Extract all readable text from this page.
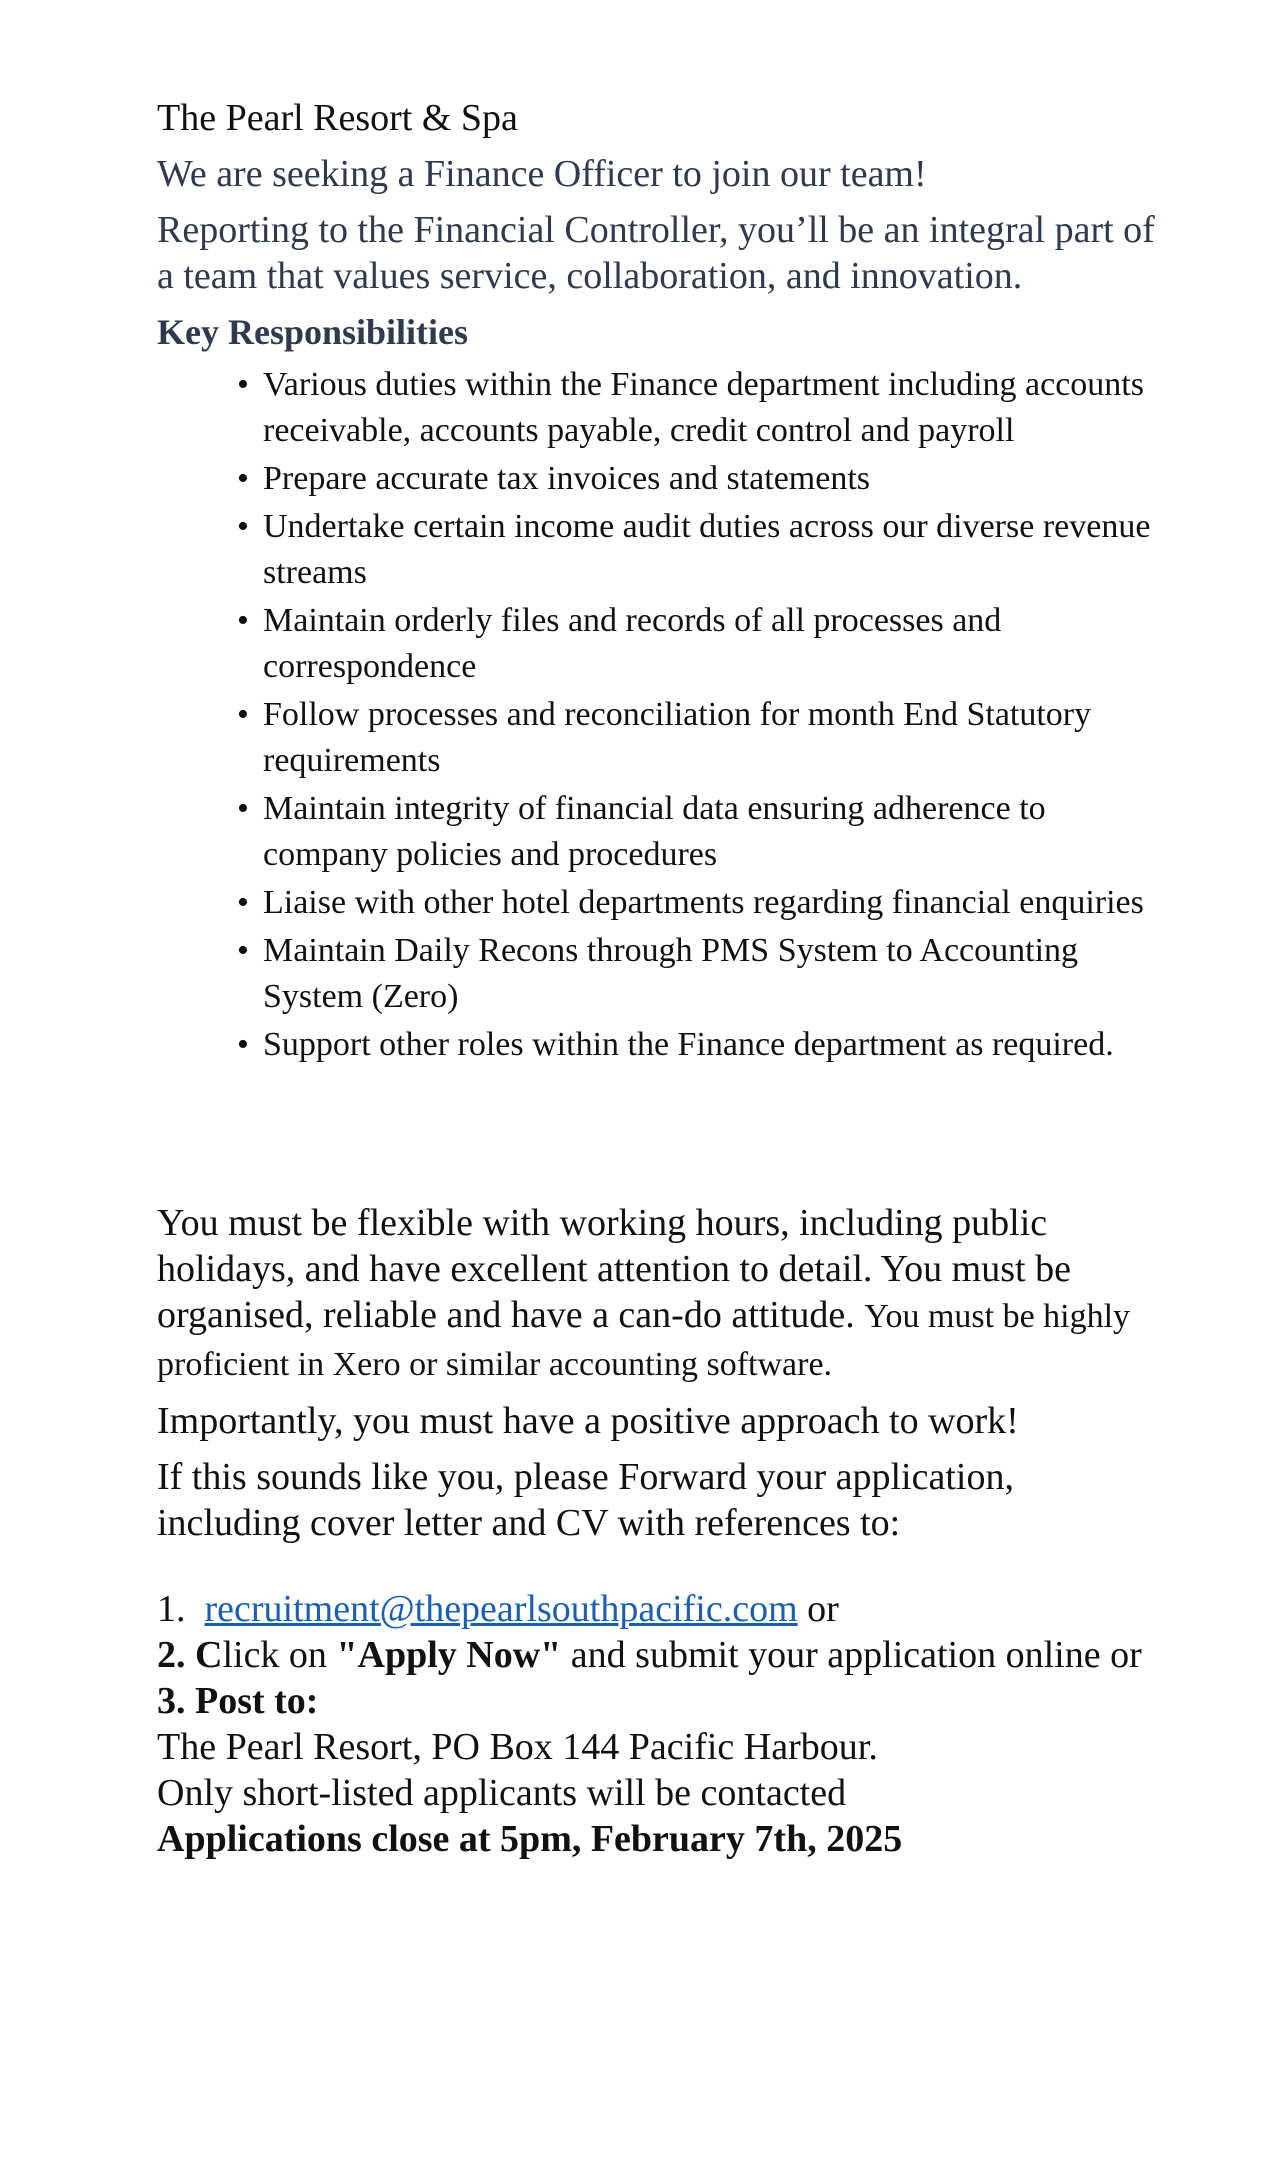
The Pearl Resort & Spa
We are seeking a Finance Officer to join our team!
Reporting to the Financial Controller, you’ll be an integral part of a team that values service, collaboration, and innovation.
Key Responsibilities
• Various duties within the Finance department including accounts receivable, accounts payable, credit control and payroll
• Prepare accurate tax invoices and statements
• Undertake certain income audit duties across our diverse revenue streams
• Maintain orderly files and records of all processes and correspondence
• Follow processes and reconciliation for month End Statutory requirements
• Maintain integrity of financial data ensuring adherence to company policies and procedures
• Liaise with other hotel departments regarding financial enquiries
• Maintain Daily Recons through PMS System to Accounting System (Zero)
• Support other roles within the Finance department as required.
You must be flexible with working hours, including public holidays, and have excellent attention to detail. You must be organised, reliable and have a can-do attitude. You must be highly proficient in Xero or similar accounting software.
Importantly, you must have a positive approach to work!
If this sounds like you, please Forward your application, including cover letter and CV with references to:
1. recruitment@thepearlsouthpacific.com or
2. Click on "Apply Now" and submit your application online or
3. Post to:
The Pearl Resort, PO Box 144 Pacific Harbour.
Only short-listed applicants will be contacted
Applications close at 5pm, February 7th, 2025
